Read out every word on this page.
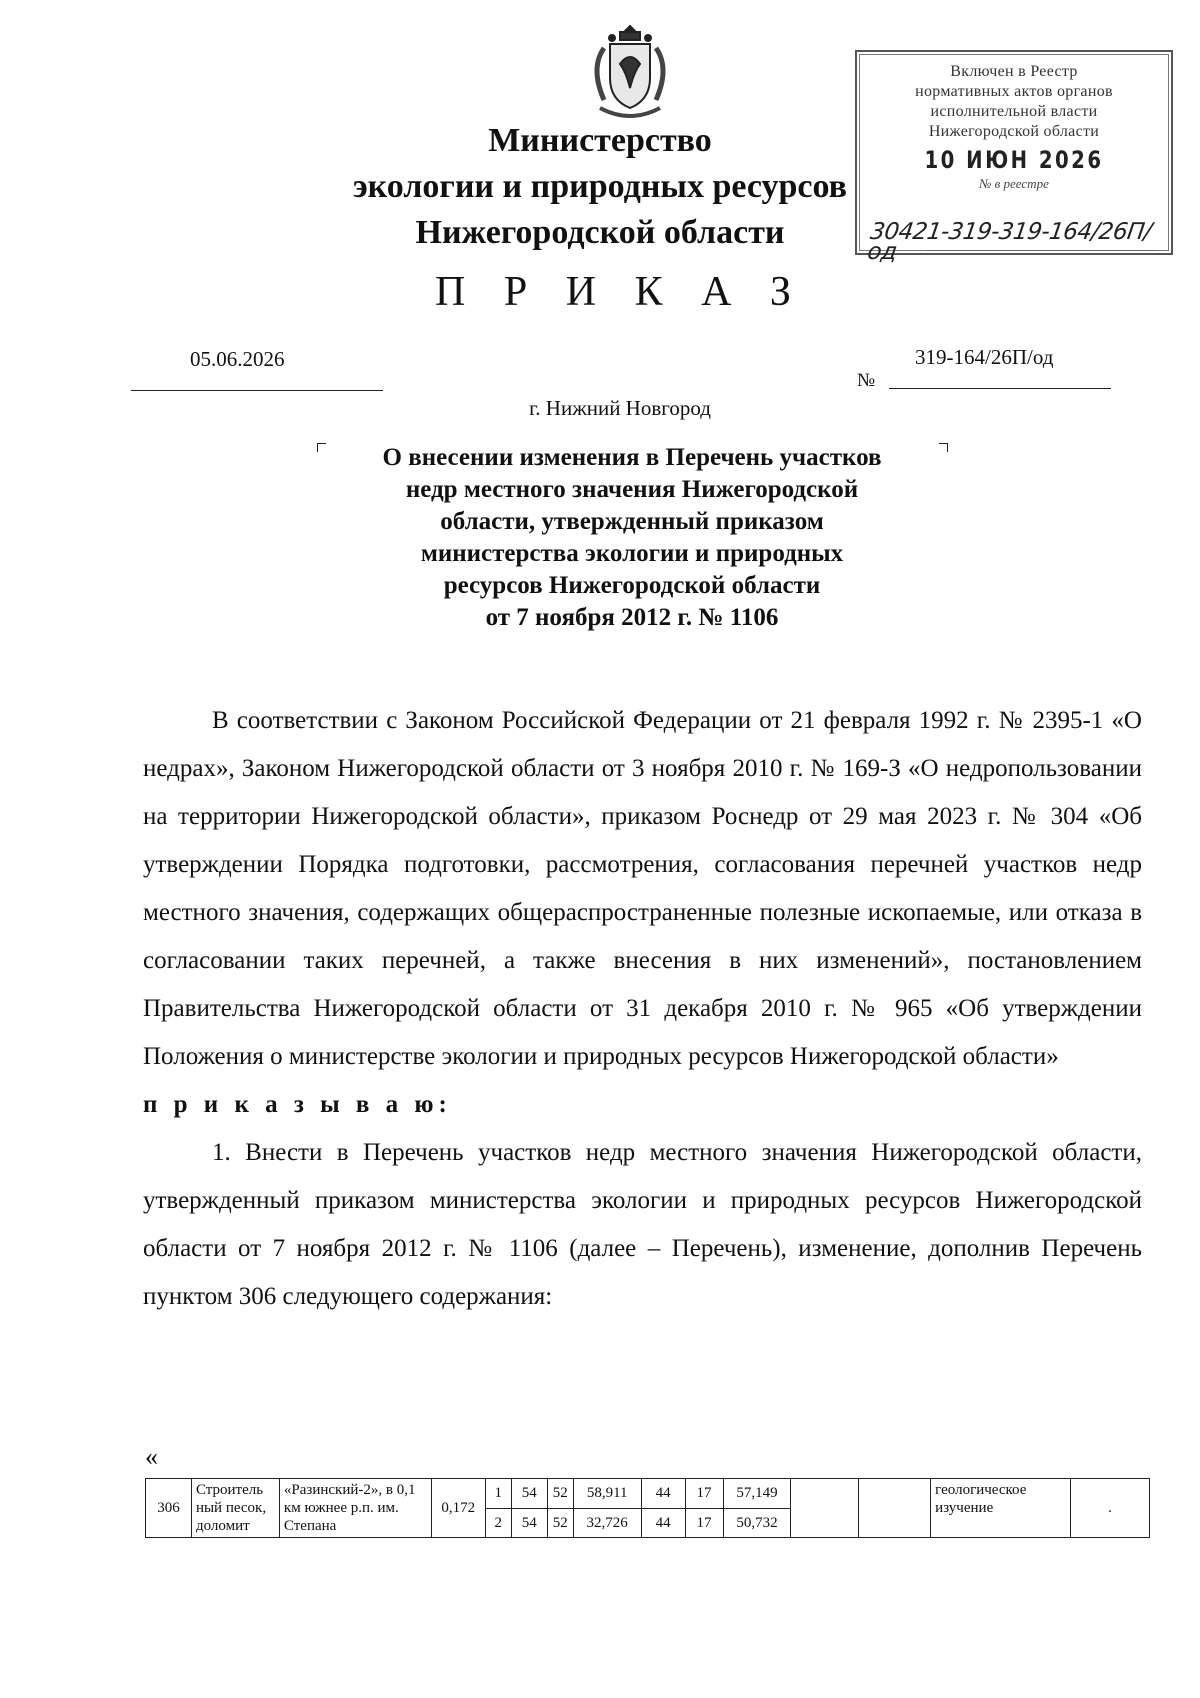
Включен в Реестр
нормативных актов органов
исполнительной власти
Нижегородской области
10 ИЮН 2026
№ в реестре
30421-319-319-164/26П/од
Министерство
экологии и природных ресурсов
Нижегородской области
П Р И К А З
05.06.2026
№
319-164/26П/од
г. Нижний Новгород
О внесении изменения в Перечень участков
недр местного значения Нижегородской
области, утвержденный приказом
министерства экологии и природных
ресурсов Нижегородской области
от 7 ноября 2012 г. № 1106

В соответствии с Законом Российской Федерации от 21 февраля 1992 г. № 2395-1 «О недрах», Законом Нижегородской области от 3 ноября 2010 г. № 169-З «О недропользовании на территории Нижегородской области», приказом Роснедр от 29 мая 2023 г. № 304 «Об утверждении Порядка подготовки, рассмотрения, согласования перечней участков недр местного значения, содержащих общераспространенные полезные ископаемые, или отказа в согласовании таких перечней, а также внесения в них изменений», постановлением Правительства Нижегородской области от 31 декабря 2010 г. № 965 «Об утверждении Положения о министерстве экологии и природных ресурсов Нижегородской области»

п р и к а з ы в а ю:

1. Внести в Перечень участков недр местного значения Нижегородской области, утвержденный приказом министерства экологии и природных ресурсов Нижегородской области от 7 ноября 2012 г. № 1106 (далее – Перечень), изменение, дополнив Перечень пунктом 306 следующего содержания:

«
306	Строитель ный песок, доломит	«Разинский-2», в 0,1 км южнее р.п. им. Степана	0,172	1	54	52	58,911	44	17	57,149			геологическое изучение	.
				2	54	52	32,726	44	17	50,732				
